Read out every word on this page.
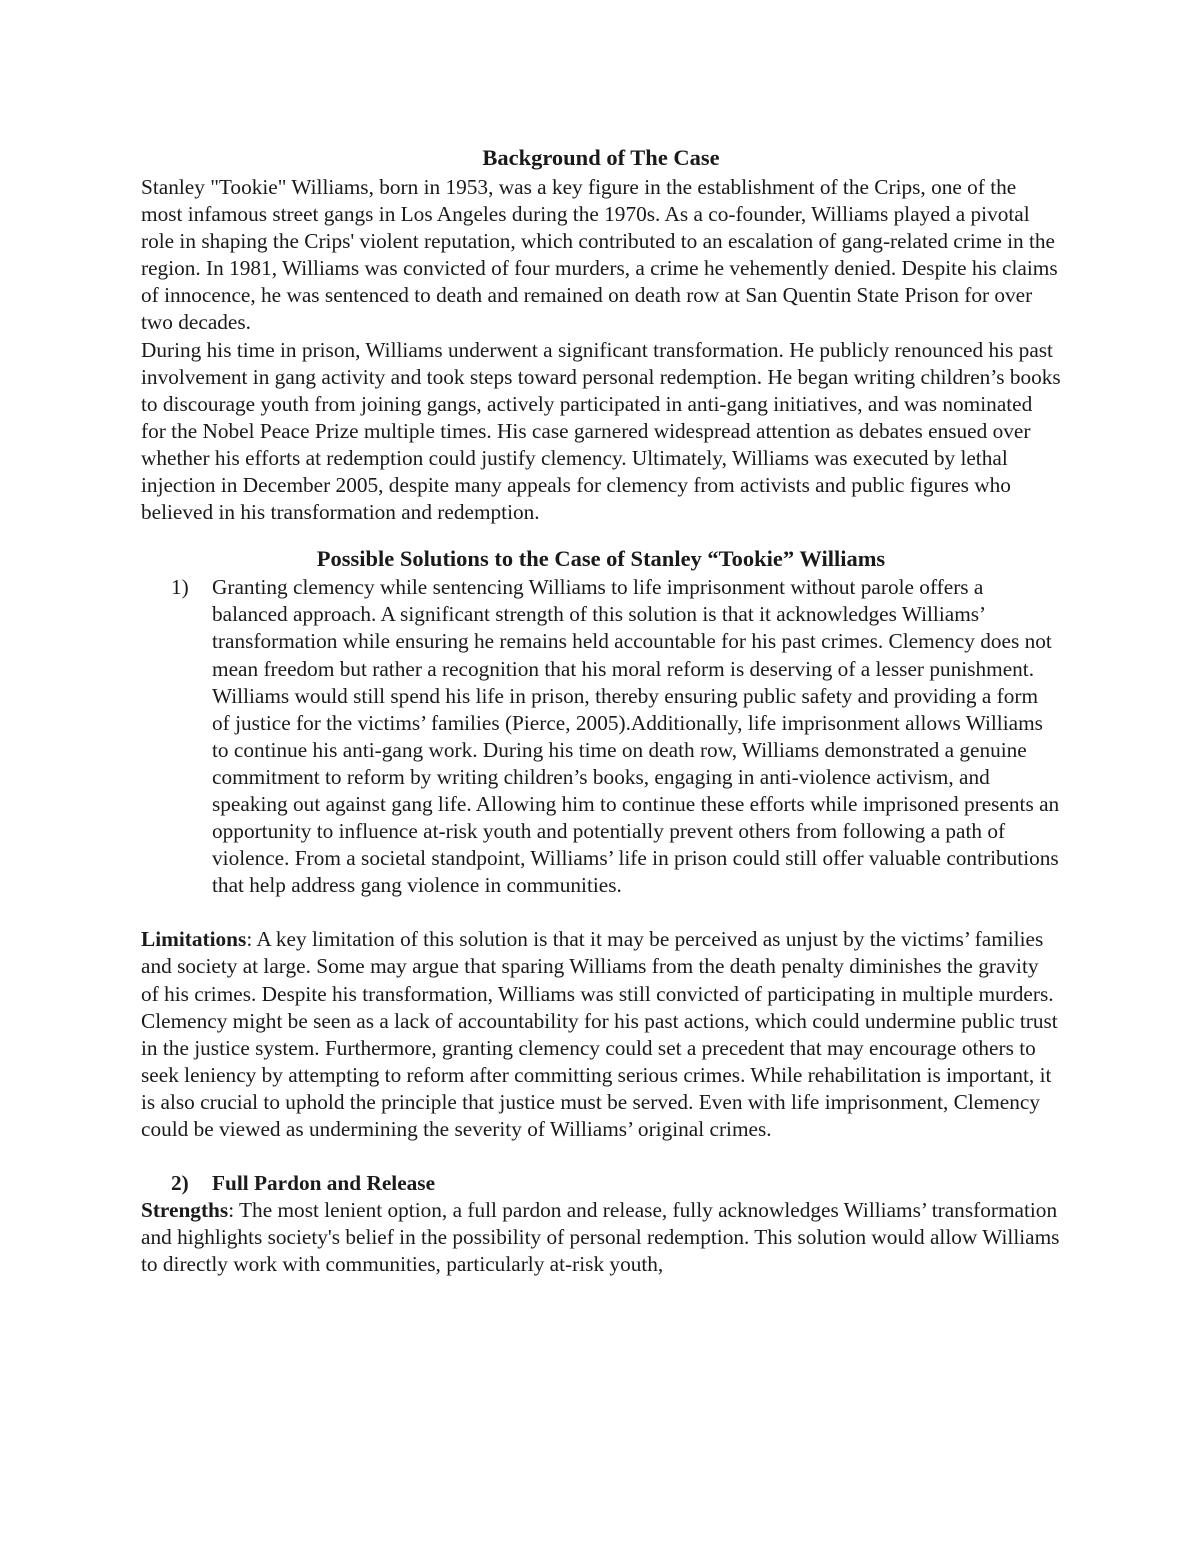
Background of The Case

Stanley "Tookie" Williams, born in 1953, was a key figure in the establishment of the Crips, one of the most infamous street gangs in Los Angeles during the 1970s. As a co-founder, Williams played a pivotal role in shaping the Crips' violent reputation, which contributed to an escalation of gang-related crime in the region. In 1981, Williams was convicted of four murders, a crime he vehemently denied. Despite his claims of innocence, he was sentenced to death and remained on death row at San Quentin State Prison for over two decades.

During his time in prison, Williams underwent a significant transformation. He publicly renounced his past involvement in gang activity and took steps toward personal redemption. He began writing children’s books to discourage youth from joining gangs, actively participated in anti-gang initiatives, and was nominated for the Nobel Peace Prize multiple times. His case garnered widespread attention as debates ensued over whether his efforts at redemption could justify clemency. Ultimately, Williams was executed by lethal injection in December 2005, despite many appeals for clemency from activists and public figures who believed in his transformation and redemption.

Possible Solutions to the Case of Stanley “Tookie” Williams
1) Granting clemency while sentencing Williams to life imprisonment without parole offers a balanced approach. A significant strength of this solution is that it acknowledges Williams’ transformation while ensuring he remains held accountable for his past crimes. Clemency does not mean freedom but rather a recognition that his moral reform is deserving of a lesser punishment. Williams would still spend his life in prison, thereby ensuring public safety and providing a form of justice for the victims’ families (Pierce, 2005).Additionally, life imprisonment allows Williams to continue his anti-gang work. During his time on death row, Williams demonstrated a genuine commitment to reform by writing children’s books, engaging in anti-violence activism, and speaking out against gang life. Allowing him to continue these efforts while imprisoned presents an opportunity to influence at-risk youth and potentially prevent others from following a path of violence. From a societal standpoint, Williams’ life in prison could still offer valuable contributions that help address gang violence in communities.

Limitations: A key limitation of this solution is that it may be perceived as unjust by the victims’ families and society at large. Some may argue that sparing Williams from the death penalty diminishes the gravity of his crimes. Despite his transformation, Williams was still convicted of participating in multiple murders. Clemency might be seen as a lack of accountability for his past actions, which could undermine public trust in the justice system. Furthermore, granting clemency could set a precedent that may encourage others to seek leniency by attempting to reform after committing serious crimes. While rehabilitation is important, it is also crucial to uphold the principle that justice must be served. Even with life imprisonment, Clemency could be viewed as undermining the severity of Williams’ original crimes.

2) Full Pardon and Release

Strengths: The most lenient option, a full pardon and release, fully acknowledges Williams’ transformation and highlights society's belief in the possibility of personal redemption. This solution would allow Williams to directly work with communities, particularly at-risk youth,
